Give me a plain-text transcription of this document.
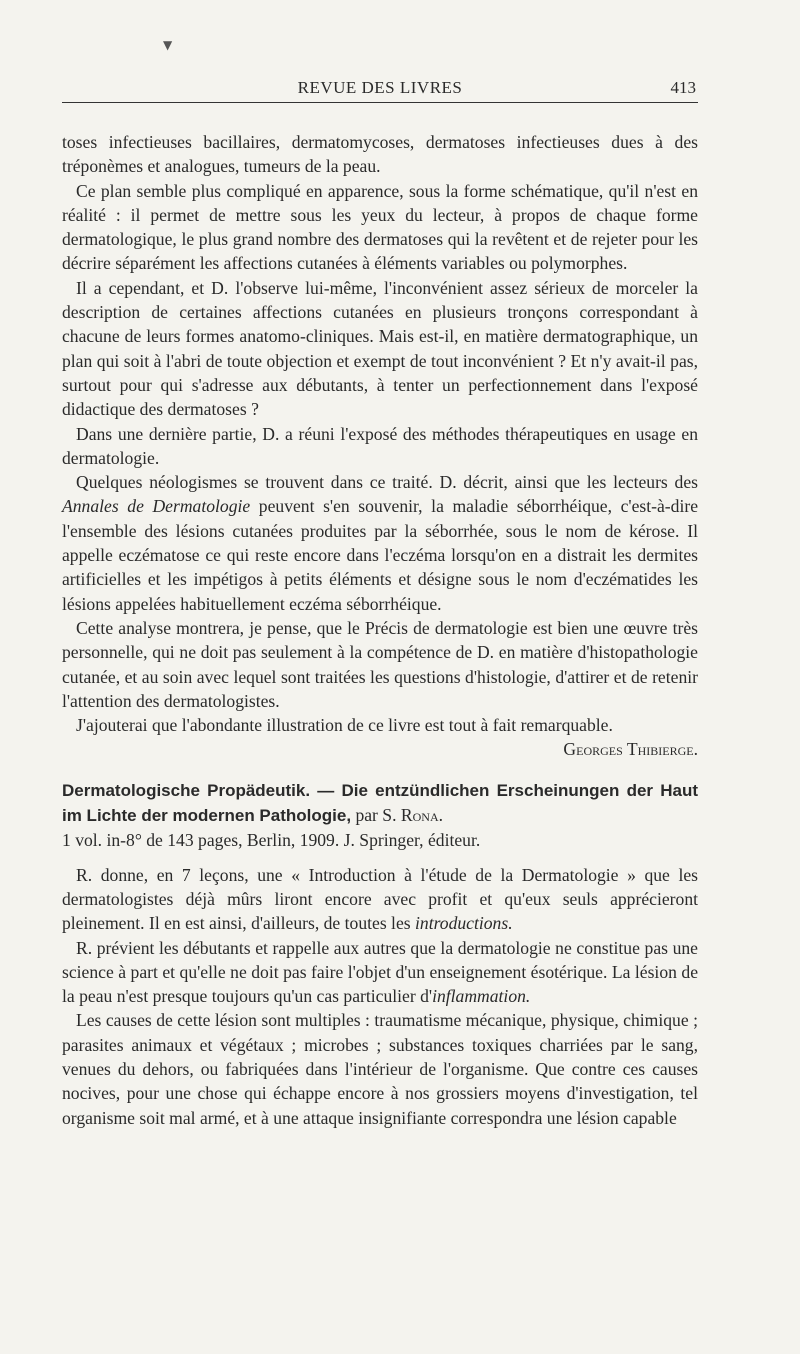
▼
REVUE DES LIVRES	413

toses infectieuses bacillaires, dermatomycoses, dermatoses infectieuses dues à des tréponèmes et analogues, tumeurs de la peau.

Ce plan semble plus compliqué en apparence, sous la forme schématique, qu'il n'est en réalité : il permet de mettre sous les yeux du lecteur, à propos de chaque forme dermatologique, le plus grand nombre des dermatoses qui la revêtent et de rejeter pour les décrire séparément les affections cutanées à éléments variables ou polymorphes.

Il a cependant, et D. l'observe lui-même, l'inconvénient assez sérieux de morceler la description de certaines affections cutanées en plusieurs tronçons correspondant à chacune de leurs formes anatomo-cliniques. Mais est-il, en matière dermatographique, un plan qui soit à l'abri de toute objection et exempt de tout inconvénient ? Et n'y avait-il pas, surtout pour qui s'adresse aux débutants, à tenter un perfectionnement dans l'exposé didactique des dermatoses ?

Dans une dernière partie, D. a réuni l'exposé des méthodes thérapeutiques en usage en dermatologie.

Quelques néologismes se trouvent dans ce traité. D. décrit, ainsi que les lecteurs des Annales de Dermatologie peuvent s'en souvenir, la maladie séborrhéique, c'est-à-dire l'ensemble des lésions cutanées produites par la séborrhée, sous le nom de kérose. Il appelle eczématose ce qui reste encore dans l'eczéma lorsqu'on en a distrait les dermites artificielles et les impétigos à petits éléments et désigne sous le nom d'eczématides les lésions appelées habituellement eczéma séborrhéique.

Cette analyse montrera, je pense, que le Précis de dermatologie est bien une œuvre très personnelle, qui ne doit pas seulement à la compétence de D. en matière d'histopathologie cutanée, et au soin avec lequel sont traitées les questions d'histologie, d'attirer et de retenir l'attention des dermatologistes.

J'ajouterai que l'abondante illustration de ce livre est tout à fait remarquable.

Georges Thibierge.

Dermatologische Propädeutik. — Die entzündlichen Erscheinungen der Haut im Lichte der modernen Pathologie, par S. Rona.
1 vol. in-8° de 143 pages, Berlin, 1909. J. Springer, éditeur.

R. donne, en 7 leçons, une « Introduction à l'étude de la Dermatologie » que les dermatologistes déjà mûrs liront encore avec profit et qu'eux seuls apprécieront pleinement. Il en est ainsi, d'ailleurs, de toutes les introductions.

R. prévient les débutants et rappelle aux autres que la dermatologie ne constitue pas une science à part et qu'elle ne doit pas faire l'objet d'un enseignement ésotérique. La lésion de la peau n'est presque toujours qu'un cas particulier d'inflammation.

Les causes de cette lésion sont multiples : traumatisme mécanique, physique, chimique ; parasites animaux et végétaux ; microbes ; substances toxiques charriées par le sang, venues du dehors, ou fabriquées dans l'intérieur de l'organisme. Que contre ces causes nocives, pour une chose qui échappe encore à nos grossiers moyens d'investigation, tel organisme soit mal armé, et à une attaque insignifiante correspondra une lésion capable
